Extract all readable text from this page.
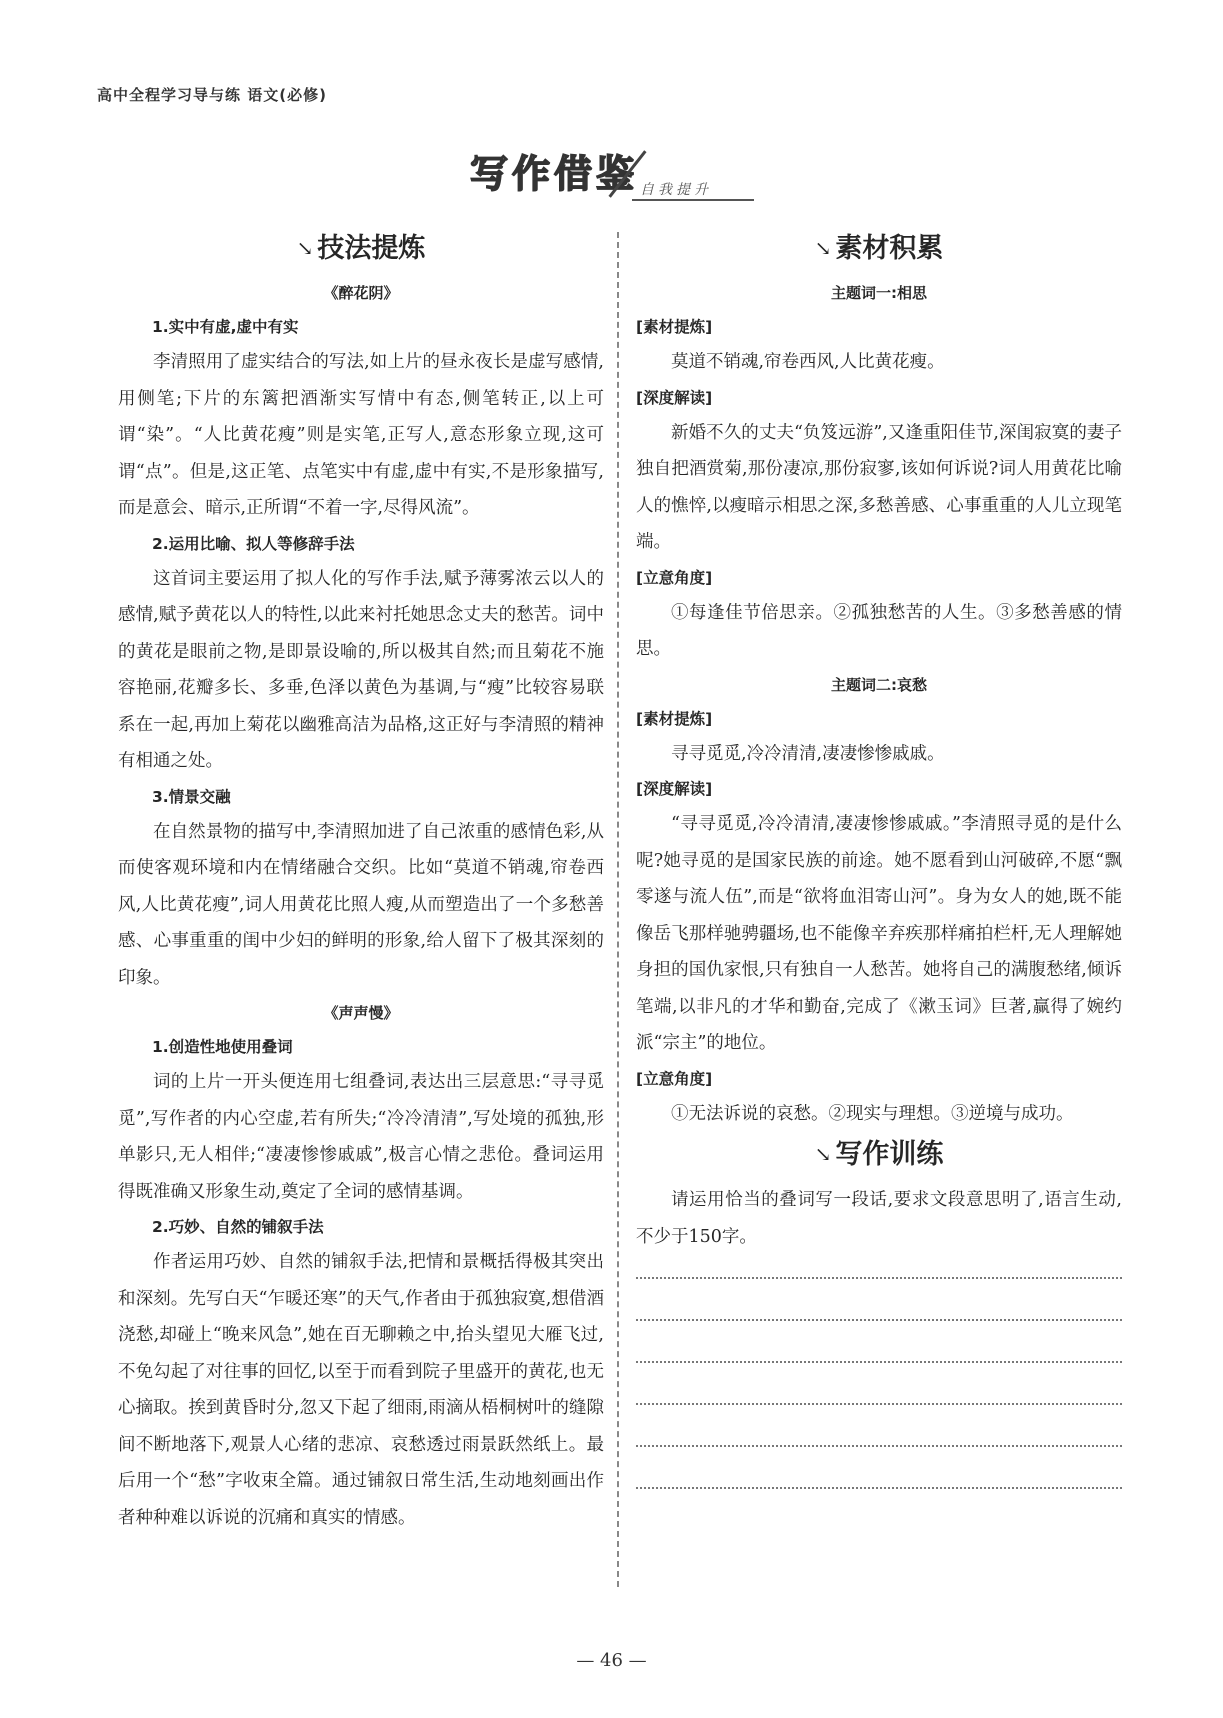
高中全程学习导与练 语文(必修)
写作借鉴 自我提升
↘ 技法提炼
《醉花阴》
1.实中有虚,虚中有实

李清照用了虚实结合的写法,如上片的昼永夜长是虚写感情,用侧笔;下片的东篱把酒渐实写情中有态,侧笔转正,以上可谓“染”。“人比黄花瘦”则是实笔,正写人,意态形象立现,这可谓“点”。但是,这正笔、点笔实中有虚,虚中有实,不是形象描写,而是意会、暗示,正所谓“不着一字,尽得风流”。

2.运用比喻、拟人等修辞手法

这首词主要运用了拟人化的写作手法,赋予薄雾浓云以人的感情,赋予黄花以人的特性,以此来衬托她思念丈夫的愁苦。词中的黄花是眼前之物,是即景设喻的,所以极其自然;而且菊花不施容艳丽,花瓣多长、多垂,色泽以黄色为基调,与“瘦”比较容易联系在一起,再加上菊花以幽雅高洁为品格,这正好与李清照的精神有相通之处。

3.情景交融

在自然景物的描写中,李清照加进了自己浓重的感情色彩,从而使客观环境和内在情绪融合交织。比如“莫道不销魂,帘卷西风,人比黄花瘦”,词人用黄花比照人瘦,从而塑造出了一个多愁善感、心事重重的闺中少妇的鲜明的形象,给人留下了极其深刻的印象。

《声声慢》
1.创造性地使用叠词

词的上片一开头便连用七组叠词,表达出三层意思:“寻寻觅觅”,写作者的内心空虚,若有所失;“冷冷清清”,写处境的孤独,形单影只,无人相伴;“凄凄惨惨戚戚”,极言心情之悲伧。叠词运用得既准确又形象生动,奠定了全词的感情基调。

2.巧妙、自然的铺叙手法

作者运用巧妙、自然的铺叙手法,把情和景概括得极其突出和深刻。先写白天“乍暖还寒”的天气,作者由于孤独寂寞,想借酒浇愁,却碰上“晚来风急”,她在百无聊赖之中,抬头望见大雁飞过,不免勾起了对往事的回忆,以至于而看到院子里盛开的黄花,也无心摘取。挨到黄昏时分,忽又下起了细雨,雨滴从梧桐树叶的缝隙间不断地落下,观景人心绪的悲凉、哀愁透过雨景跃然纸上。最后用一个“愁”字收束全篇。通过铺叙日常生活,生动地刻画出作者种种难以诉说的沉痛和真实的情感。

↘ 素材积累
主题词一:相思
[素材提炼]

莫道不销魂,帘卷西风,人比黄花瘦。

[深度解读]

新婚不久的丈夫“负笈远游”,又逢重阳佳节,深闺寂寞的妻子独自把酒赏菊,那份凄凉,那份寂寥,该如何诉说?词人用黄花比喻人的憔悴,以瘦暗示相思之深,多愁善感、心事重重的人儿立现笔端。

[立意角度]

①每逢佳节倍思亲。②孤独愁苦的人生。③多愁善感的情思。

主题词二:哀愁
[素材提炼]

寻寻觅觅,冷冷清清,凄凄惨惨戚戚。

[深度解读]

“寻寻觅觅,冷冷清清,凄凄惨惨戚戚。”李清照寻觅的是什么呢?她寻觅的是国家民族的前途。她不愿看到山河破碎,不愿“飘零遂与流人伍”,而是“欲将血泪寄山河”。身为女人的她,既不能像岳飞那样驰骋疆场,也不能像辛弃疾那样痛拍栏杆,无人理解她身担的国仇家恨,只有独自一人愁苦。她将自己的满腹愁绪,倾诉笔端,以非凡的才华和勤奋,完成了《漱玉词》巨著,赢得了婉约派“宗主”的地位。

[立意角度]

①无法诉说的哀愁。②现实与理想。③逆境与成功。

↘ 写作训练

请运用恰当的叠词写一段话,要求文段意思明了,语言生动,不少于150字。

— 46 —
